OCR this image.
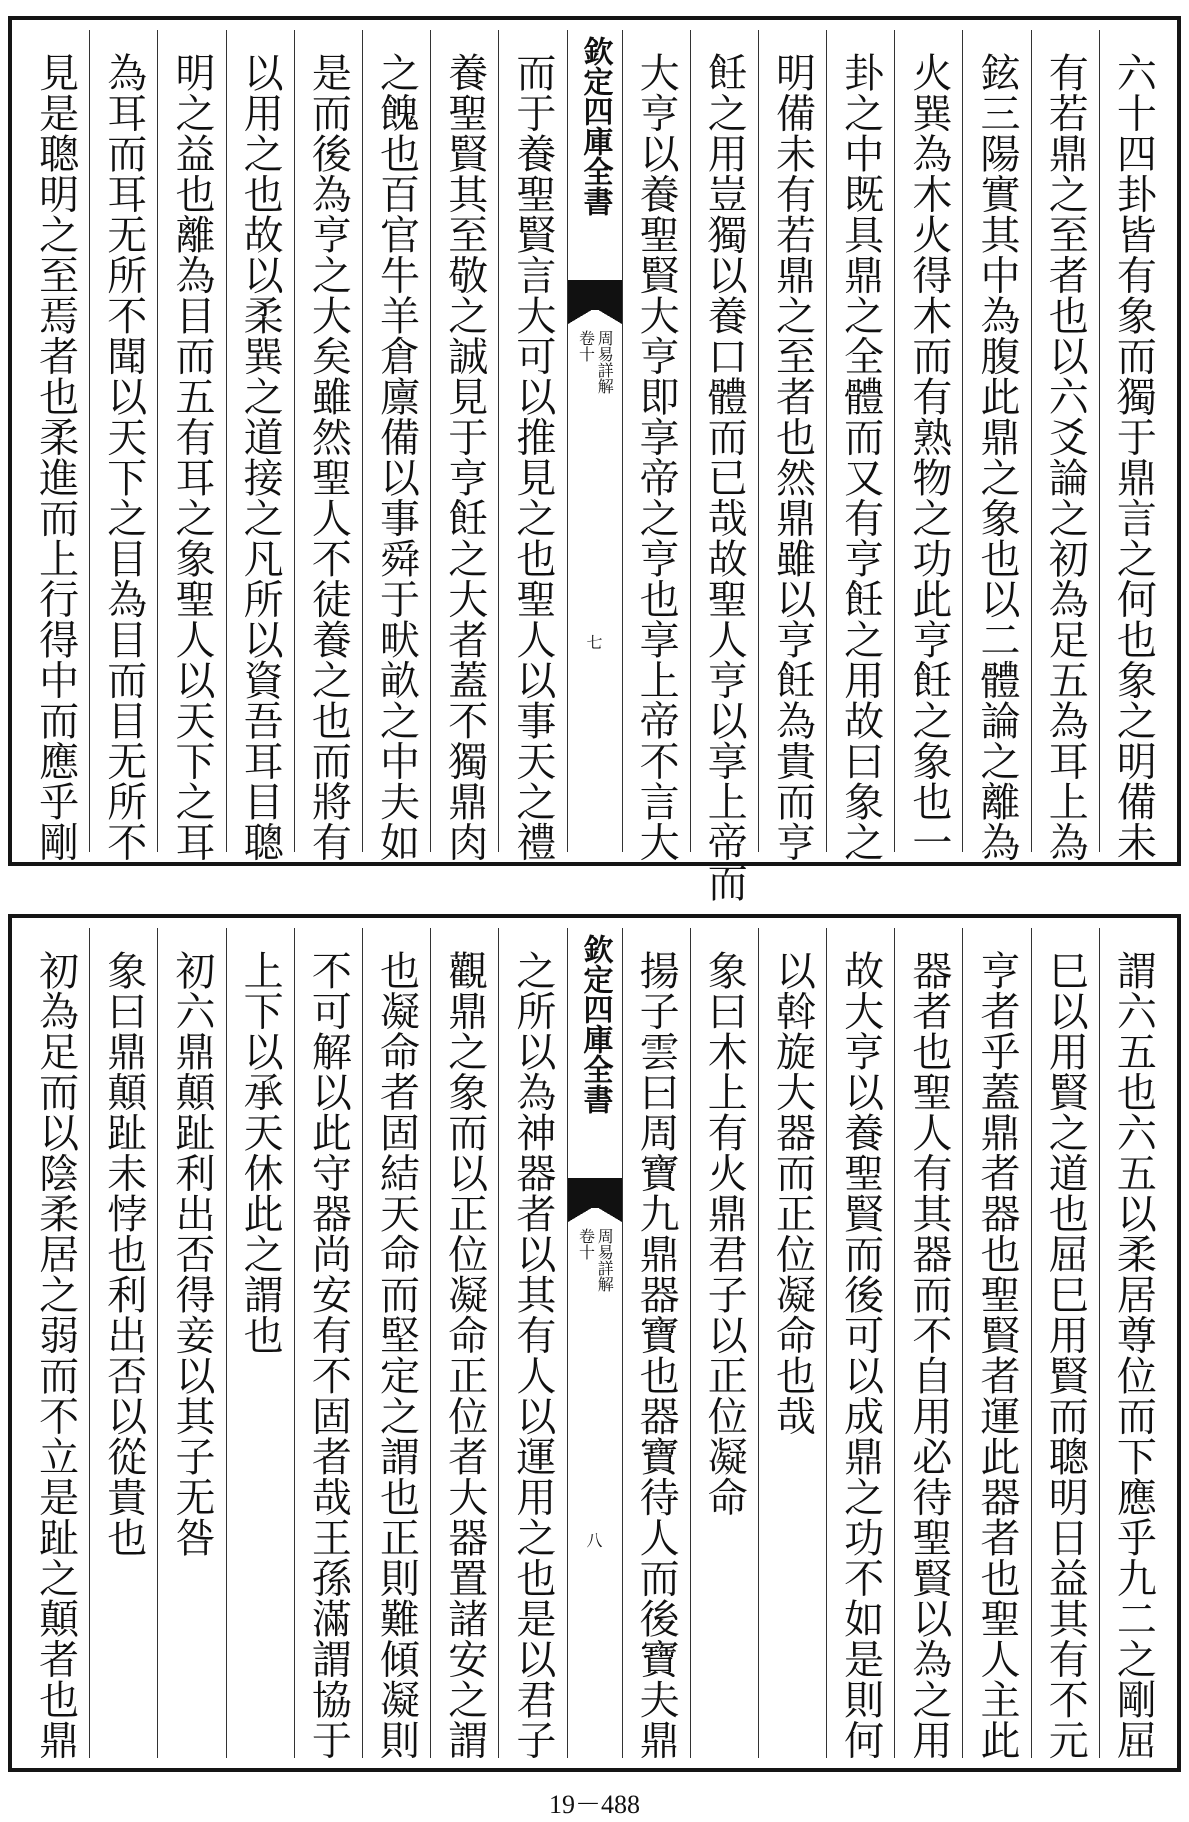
六十四卦皆有象而獨于鼎言之何也象之明備未
有若鼎之至者也以六爻論之初為足五為耳上為
鉉三陽實其中為腹此鼎之象也以二體論之離為
火巽為木火得木而有熟物之功此亨飪之象也一
卦之中既具鼎之全體而又有亨飪之用故曰象之
明備未有若鼎之至者也然鼎雖以亨飪為貴而亨
飪之用豈獨以養口體而已哉故聖人亨以享上帝而
大亨以養聖賢大亨即享帝之亨也享上帝不言大
欽定四庫全書
周易詳解
卷十
七
而于養聖賢言大可以推見之也聖人以事天之禮
養聖賢其至敬之誠見于亨飪之大者蓋不獨鼎肉
之餽也百官牛羊倉廪備以事舜于畎畝之中夫如
是而後為亨之大矣雖然聖人不徒養之也而將有
以用之也故以柔巽之道接之凡所以資吾耳目聰
明之益也離為目而五有耳之象聖人以天下之耳
為耳而耳无所不聞以天下之目為目而目无所不
見是聰明之至焉者也柔進而上行得中而應乎剛
謂六五也六五以柔居尊位而下應乎九二之剛屈
巳以用賢之道也屈巳用賢而聰明日益其有不元
亨者乎蓋鼎者器也聖賢者運此器者也聖人主此
器者也聖人有其器而不自用必待聖賢以為之用
故大亨以養聖賢而後可以成鼎之功不如是則何
以斡旋大器而正位凝命也哉
象曰木上有火鼎君子以正位凝命
揚子雲曰周寶九鼎器寶也器寶待人而後寶夫鼎
欽定四庫全書
周易詳解
卷十
八
之所以為神器者以其有人以運用之也是以君子
觀鼎之象而以正位凝命正位者大器置諸安之謂
也凝命者固結天命而堅定之謂也正則難傾凝則
不可解以此守器尚安有不固者哉王孫滿謂協于
上下以承天休此之謂也
初六鼎顛趾利出否得妾以其子无咎
象曰鼎顛趾未悖也利出否以從貴也
初為足而以陰柔居之弱而不立是趾之顛者也鼎
19－488
